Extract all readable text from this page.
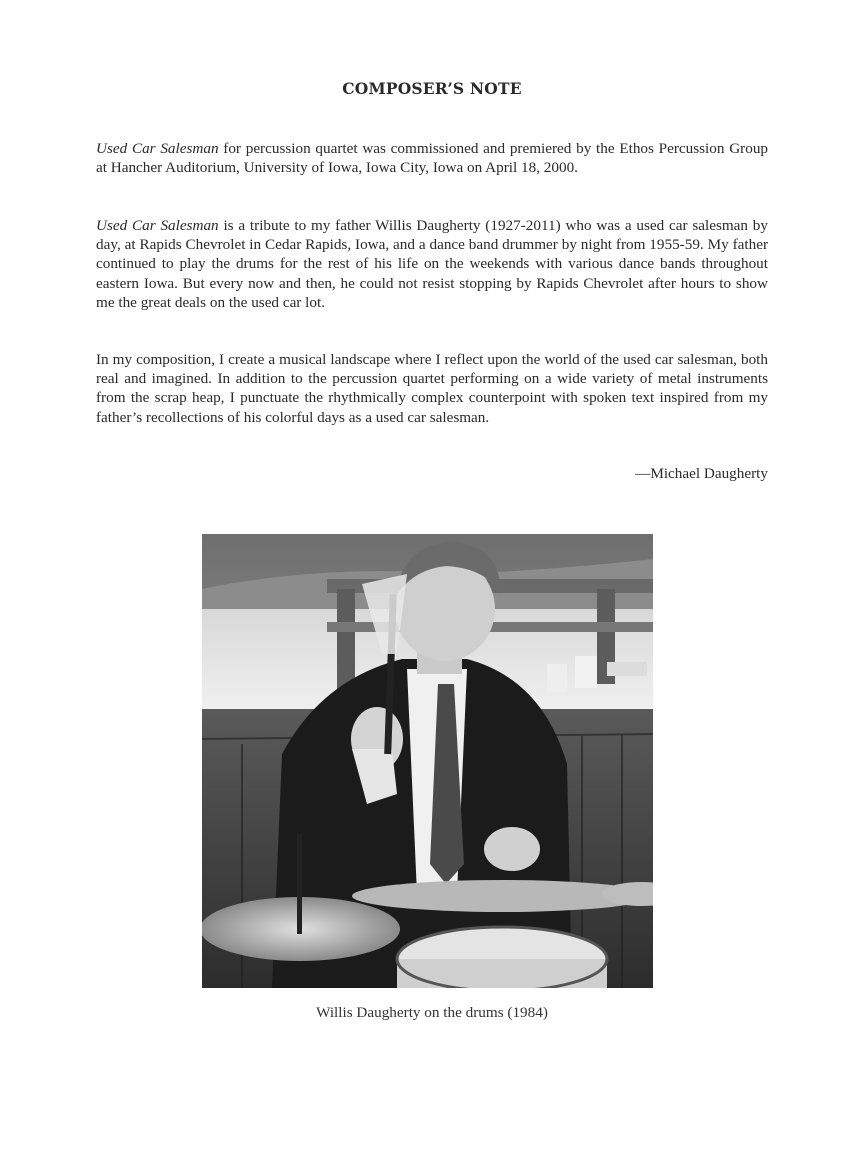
COMPOSER’S NOTE

Used Car Salesman for percussion quartet was commissioned and premiered by the Ethos Percussion Group at Hancher Auditorium, University of Iowa, Iowa City, Iowa on April 18, 2000.

Used Car Salesman is a tribute to my father Willis Daugherty (1927-2011) who was a used car salesman by day, at Rapids Chevrolet in Cedar Rapids, Iowa, and a dance band drummer by night from 1955-59. My father continued to play the drums for the rest of his life on the weekends with various dance bands throughout eastern Iowa. But every now and then, he could not resist stopping by Rapids Chevrolet after hours to show me the great deals on the used car lot.

In my composition, I create a musical landscape where I reflect upon the world of the used car salesman, both real and imagined. In addition to the percussion quartet performing on a wide variety of metal instruments from the scrap heap, I punctuate the rhythmically complex counterpoint with spoken text inspired from my father’s recollections of his colorful days as a used car salesman.

—Michael Daugherty
Willis Daugherty on the drums (1984)
